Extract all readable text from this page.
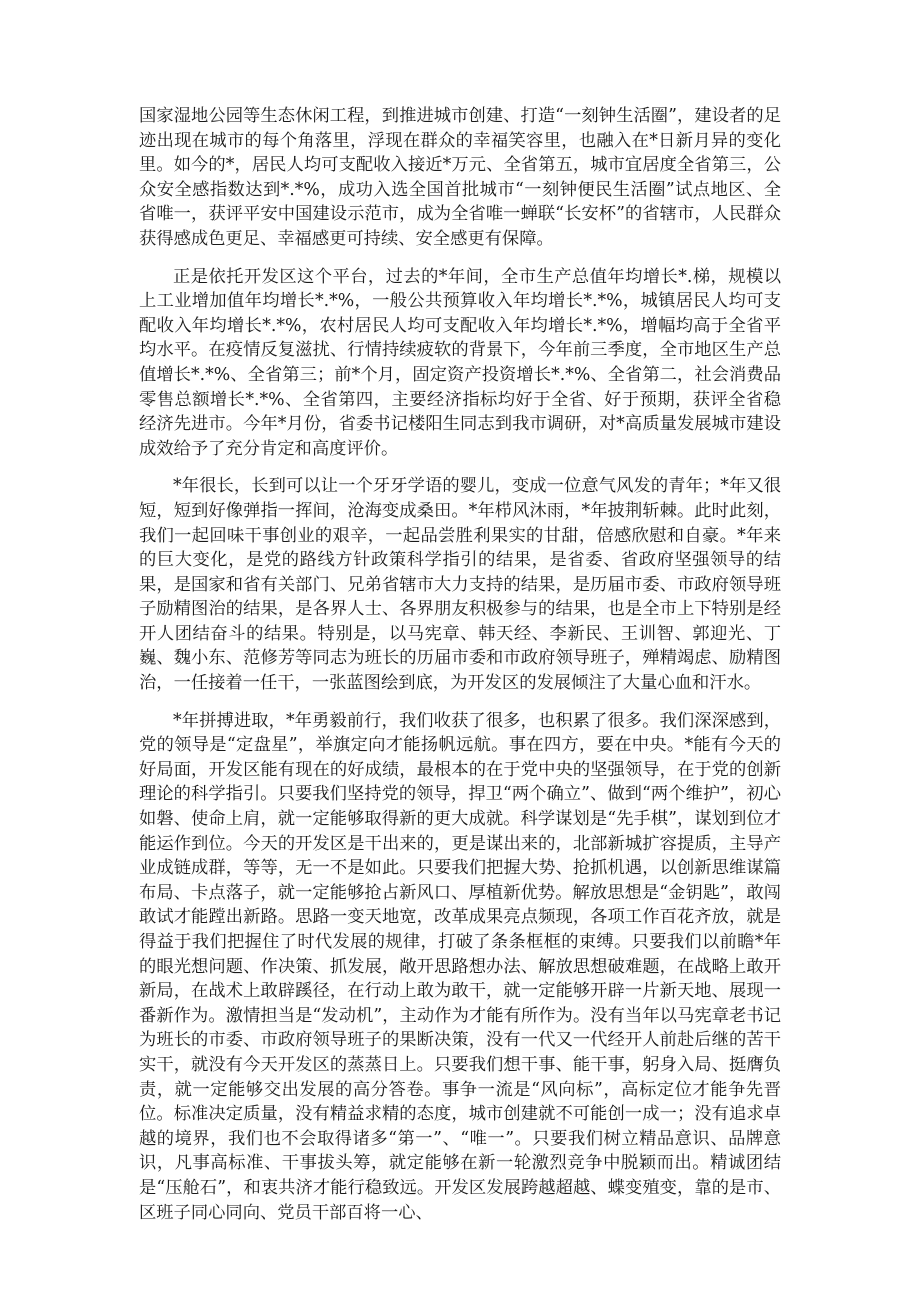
国家湿地公园等生态休闲工程，到推进城市创建、打造“一刻钟生活圈”，建设者的足迹出现在城市的每个角落里，浮现在群众的幸福笑容里，也融入在*日新月异的变化里。如今的*，居民人均可支配收入接近*万元、全省第五，城市宜居度全省第三，公众安全感指数达到*.*%，成功入选全国首批城市“一刻钟便民生活圈”试点地区、全省唯一，获评平安中国建设示范市，成为全省唯一蝉联“长安杯”的省辖市，人民群众获得感成色更足、幸福感更可持续、安全感更有保障。

正是依托开发区这个平台，过去的*年间，全市生产总值年均增长*.梯，规模以上工业增加值年均增长*.*%，一般公共预算收入年均增长*.*%，城镇居民人均可支配收入年均增长*.*%，农村居民人均可支配收入年均增长*.*%，增幅均高于全省平均水平。在疫情反复滋扰、行情持续疲软的背景下，今年前三季度，全市地区生产总值增长*.*%、全省第三；前*个月，固定资产投资增长*.*%、全省第二，社会消费品零售总额增长*.*%、全省第四，主要经济指标均好于全省、好于预期，获评全省稳经济先进市。今年*月份，省委书记楼阳生同志到我市调研，对*高质量发展城市建设成效给予了充分肯定和高度评价。

*年很长，长到可以让一个牙牙学语的婴儿，变成一位意气风发的青年；*年又很短，短到好像弹指一挥间，沧海变成桑田。*年栉风沐雨，*年披荆斩棘。此时此刻，我们一起回味干事创业的艰辛，一起品尝胜利果实的甘甜，倍感欣慰和自豪。*年来的巨大变化，是党的路线方针政策科学指引的结果，是省委、省政府坚强领导的结果，是国家和省有关部门、兄弟省辖市大力支持的结果，是历届市委、市政府领导班子励精图治的结果，是各界人士、各界朋友积极参与的结果，也是全市上下特别是经开人团结奋斗的结果。特别是，以马宪章、韩天经、李新民、王训智、郭迎光、丁巍、魏小东、范修芳等同志为班长的历届市委和市政府领导班子，殚精竭虑、励精图治，一任接着一任干，一张蓝图绘到底，为开发区的发展倾注了大量心血和汗水。

*年拼搏进取，*年勇毅前行，我们收获了很多，也积累了很多。我们深深感到，党的领导是“定盘星”，举旗定向才能扬帆远航。事在四方，要在中央。*能有今天的好局面，开发区能有现在的好成绩，最根本的在于党中央的坚强领导，在于党的创新理论的科学指引。只要我们坚持党的领导，捍卫“两个确立”、做到“两个维护”，初心如磐、使命上肩，就一定能够取得新的更大成就。科学谋划是“先手棋”，谋划到位才能运作到位。今天的开发区是干出来的，更是谋出来的，北部新城扩容提质，主导产业成链成群，等等，无一不是如此。只要我们把握大势、抢抓机遇，以创新思维谋篇布局、卡点落子，就一定能够抢占新风口、厚植新优势。解放思想是“金钥匙”，敢闯敢试才能蹚出新路。思路一变天地宽，改革成果亮点频现，各项工作百花齐放，就是得益于我们把握住了时代发展的规律，打破了条条框框的束缚。只要我们以前瞻*年的眼光想问题、作决策、抓发展，敞开思路想办法、解放思想破难题，在战略上敢开新局，在战术上敢辟蹊径，在行动上敢为敢干，就一定能够开辟一片新天地、展现一番新作为。激情担当是“发动机”，主动作为才能有所作为。没有当年以马宪章老书记为班长的市委、市政府领导班子的果断决策，没有一代又一代经开人前赴后继的苦干实干，就没有今天开发区的蒸蒸日上。只要我们想干事、能干事，躬身入局、挺膺负责，就一定能够交出发展的高分答卷。事争一流是“风向标”，高标定位才能争先晋位。标准决定质量，没有精益求精的态度，城市创建就不可能创一成一；没有追求卓越的境界，我们也不会取得诸多“第一”、“唯一”。只要我们树立精品意识、品牌意识，凡事高标准、干事拔头筹，就定能够在新一轮激烈竞争中脱颖而出。精诚团结是“压舱石”，和衷共济才能行稳致远。开发区发展跨越超越、蝶变殖变，靠的是市、区班子同心同向、党员干部百将一心、
